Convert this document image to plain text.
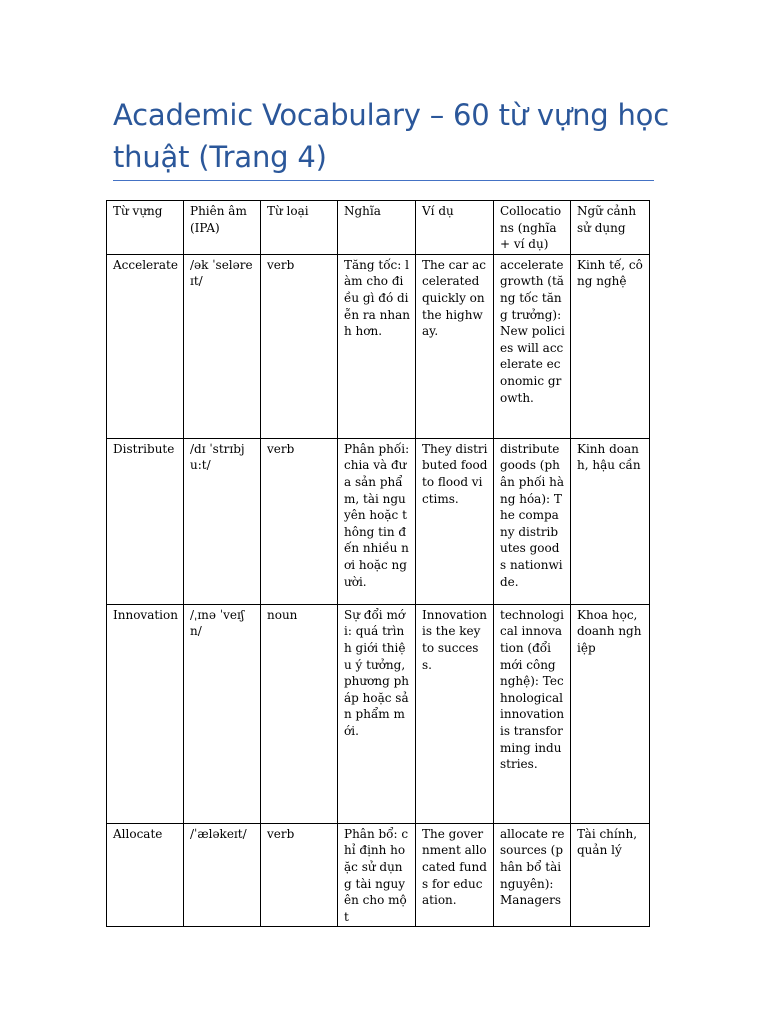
Academic Vocabulary – 60 từ vựng học thuật (Trang 4)
Từ vựng	Phiên âm (IPA)	Từ loại	Nghĩa	Ví dụ	Collocations (nghĩa + ví dụ)	Ngữ cảnh sử dụng
Accelerate	/ək ˈseləreɪt/	verb	Tăng tốc: làm cho điều gì đó diễn ra nhanh hơn.	The car accelerated quickly on the highway.	accelerate growth (tăng tốc tăng trưởng): New policies will accelerate economic growth.	Kinh tế, công nghệ
Distribute	/dɪ ˈstrɪbju:t/	verb	Phân phối: chia và đưa sản phẩm, tài nguyên hoặc thông tin đến nhiều nơi hoặc người.	They distributed food to flood victims.	distribute goods (phân phối hàng hóa): The company distributes goods nationwide.	Kinh doanh, hậu cần
Innovation	/ˌɪnə ˈveɪʃn/	noun	Sự đổi mới: quá trình giới thiệu ý tưởng, phương pháp hoặc sản phẩm mới.	Innovation is the key to success.	technological innovation (đổi mới công nghệ): Technological innovation is transforming industries.	Khoa học, doanh nghiệp
Allocate	/ˈæləkeɪt/	verb	Phân bổ: chỉ định hoặc sử dụng tài nguyên cho một	The government allocated funds for education.	allocate resources (phân bổ tài nguyên): Managers	Tài chính, quản lý
